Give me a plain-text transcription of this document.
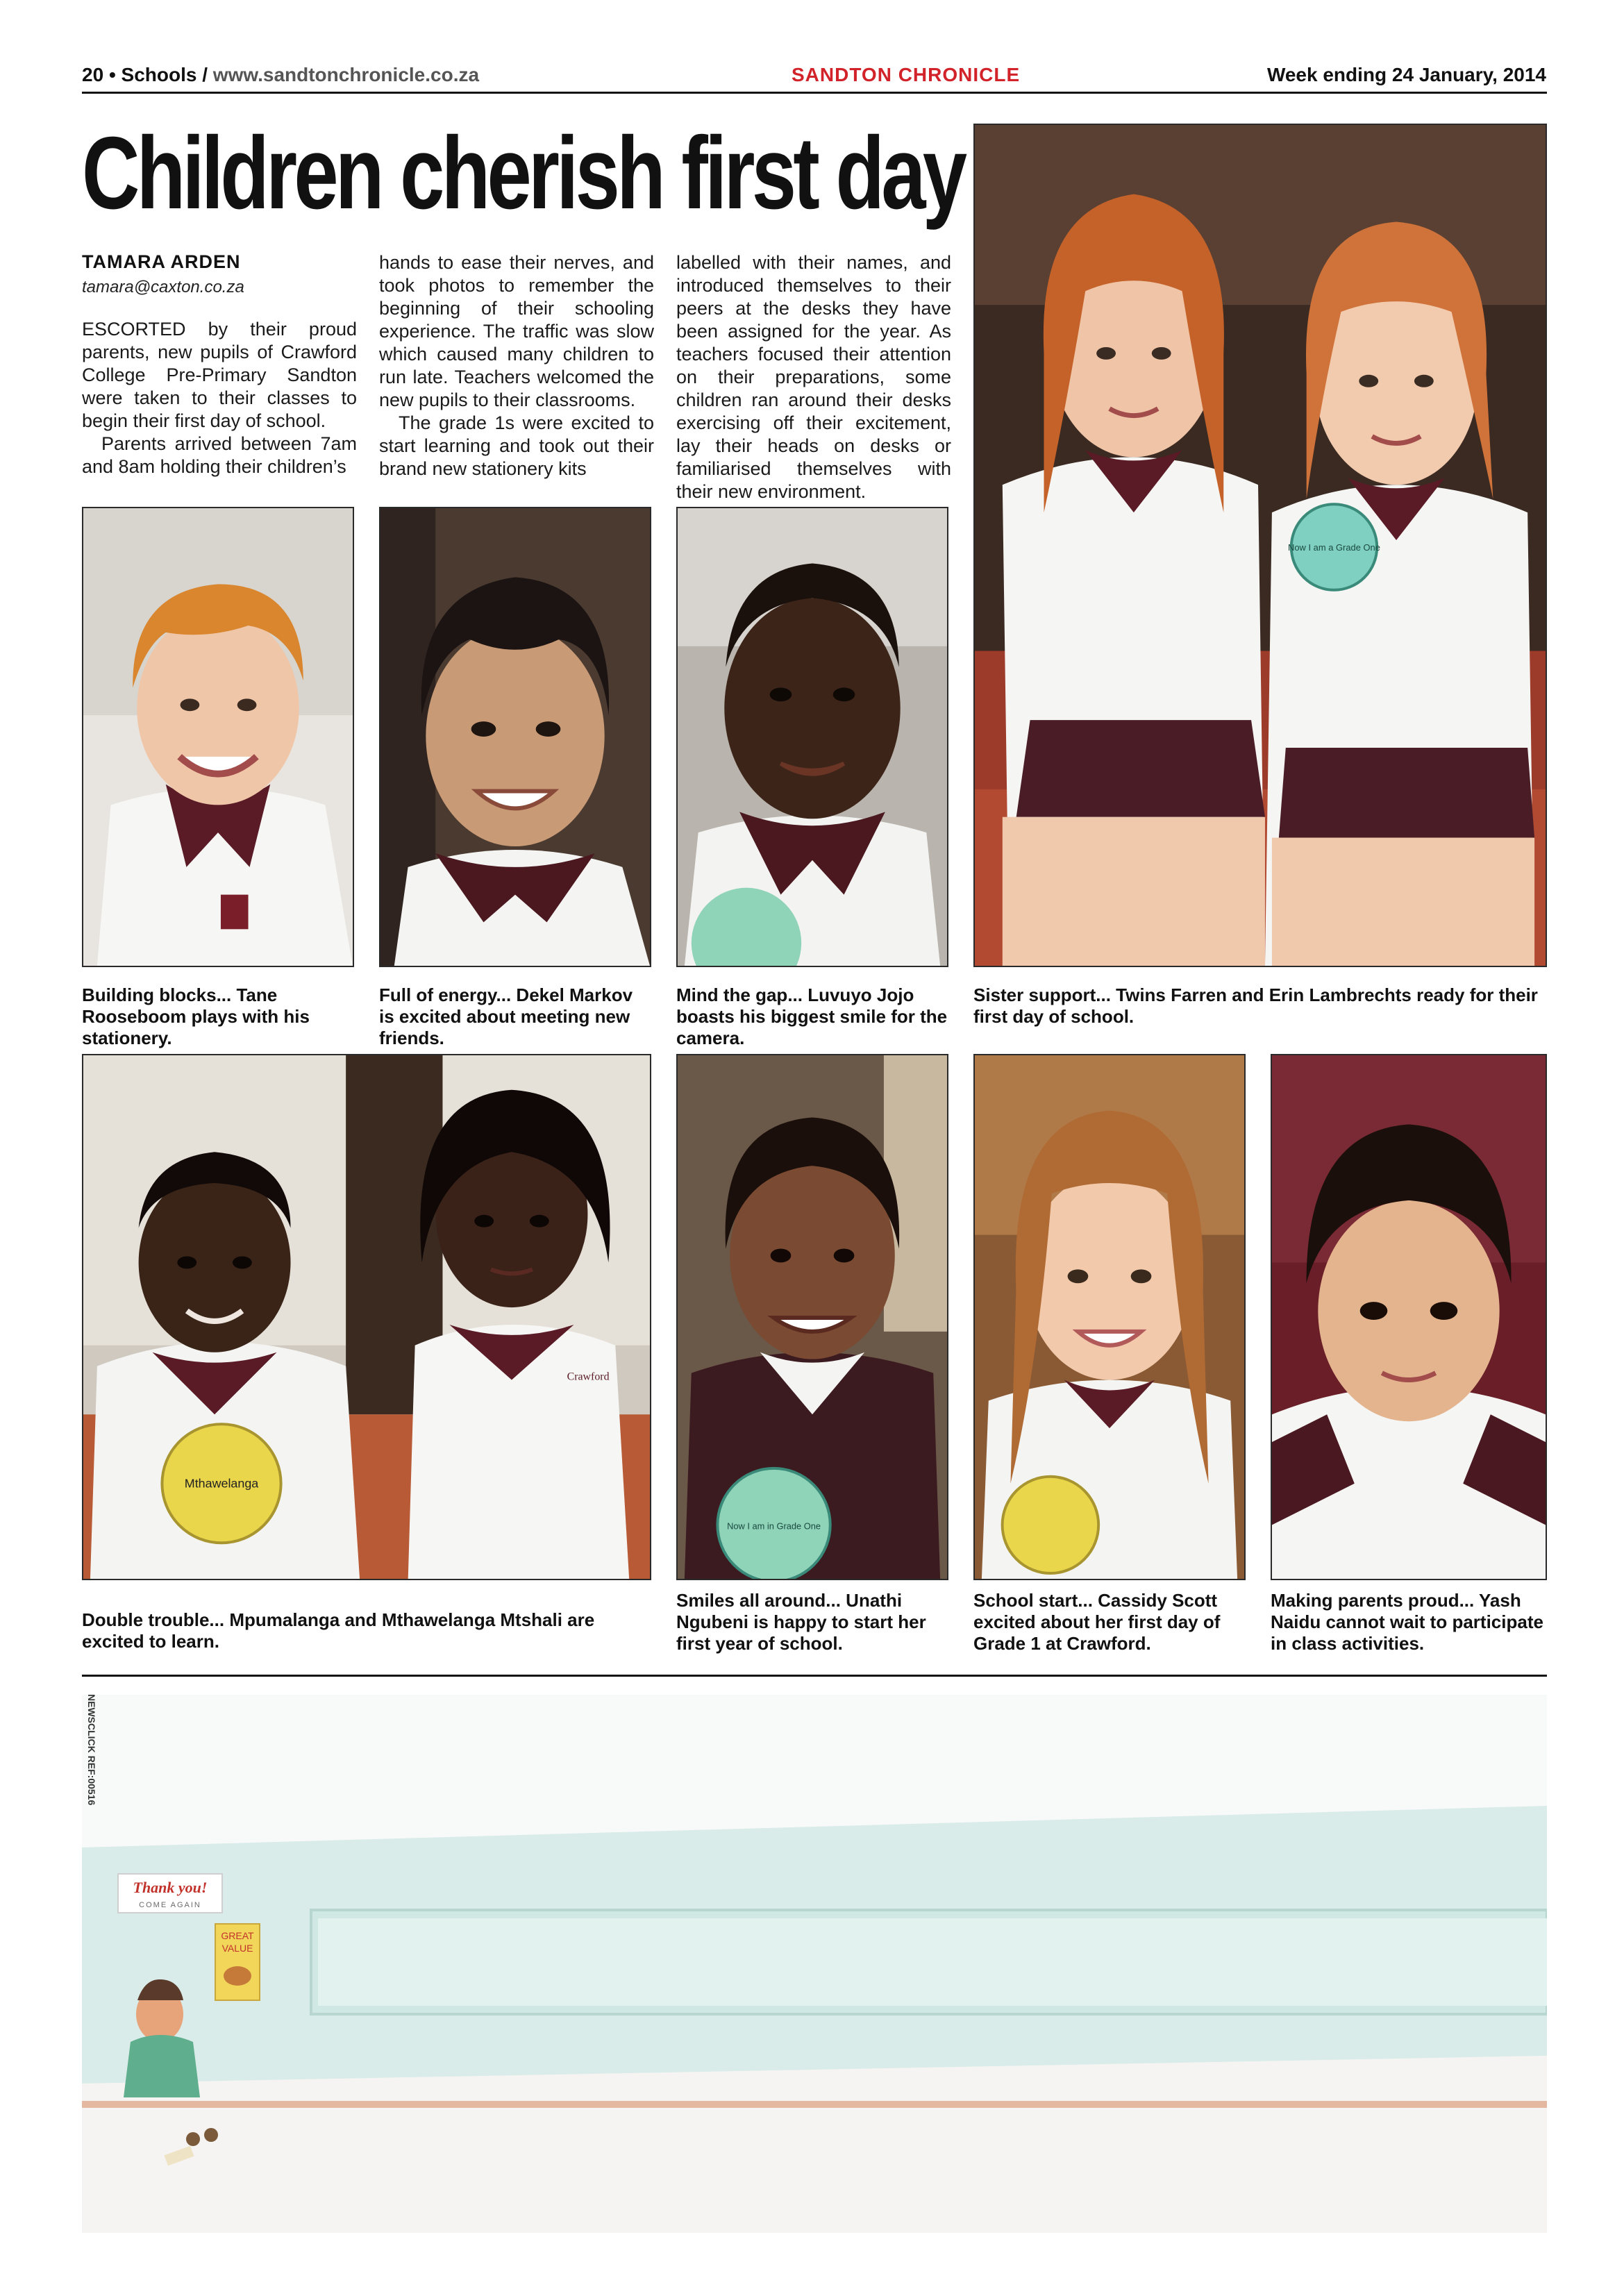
20 • Schools / www.sandtonchronicle.co.za	SANDTON CHRONICLE	Week ending 24 January, 2014
Children cherish first day
TAMARA ARDEN
tamara@caxton.co.za

ESCORTED by their proud parents, new pupils of Crawford College Pre-Primary Sandton were taken to their classes to begin their first day of school.

Parents arrived between 7am and 8am holding their children’s

hands to ease their nerves, and took photos to remember the beginning of their schooling experience. The traffic was slow which caused many children to run late. Teachers welcomed the new pupils to their classrooms.

The grade 1s were excited to start learning and took out their brand new stationery kits

labelled with their names, and introduced themselves to their peers at the desks they have been assigned for the year. As teachers focused their attention on their preparations, some children ran around their desks exercising off their excitement, lay their heads on desks or familiarised themselves with their new environment.

Now I am a Grade One
Building blocks... Tane Rooseboom plays with his stationery.
Full of energy... Dekel Markov is excited about meeting new friends.
Mind the gap... Luvuyo Jojo boasts his biggest smile for the camera.
Sister support... Twins Farren and Erin Lambrechts ready for their first day of school.
Mthawelanga
Crawford
Now I am in Grade One
Double trouble... Mpumalanga and Mthawelanga Mtshali are excited to learn.
Smiles all around... Unathi Ngubeni is happy to start her first year of school.
School start... Cassidy Scott excited about her first day of Grade 1 at Crawford.
Making parents proud... Yash Naidu cannot wait to participate in class activities.
Thank you!
COME AGAIN
GREAT
VALUE
NEWSCLICK REF:00516
